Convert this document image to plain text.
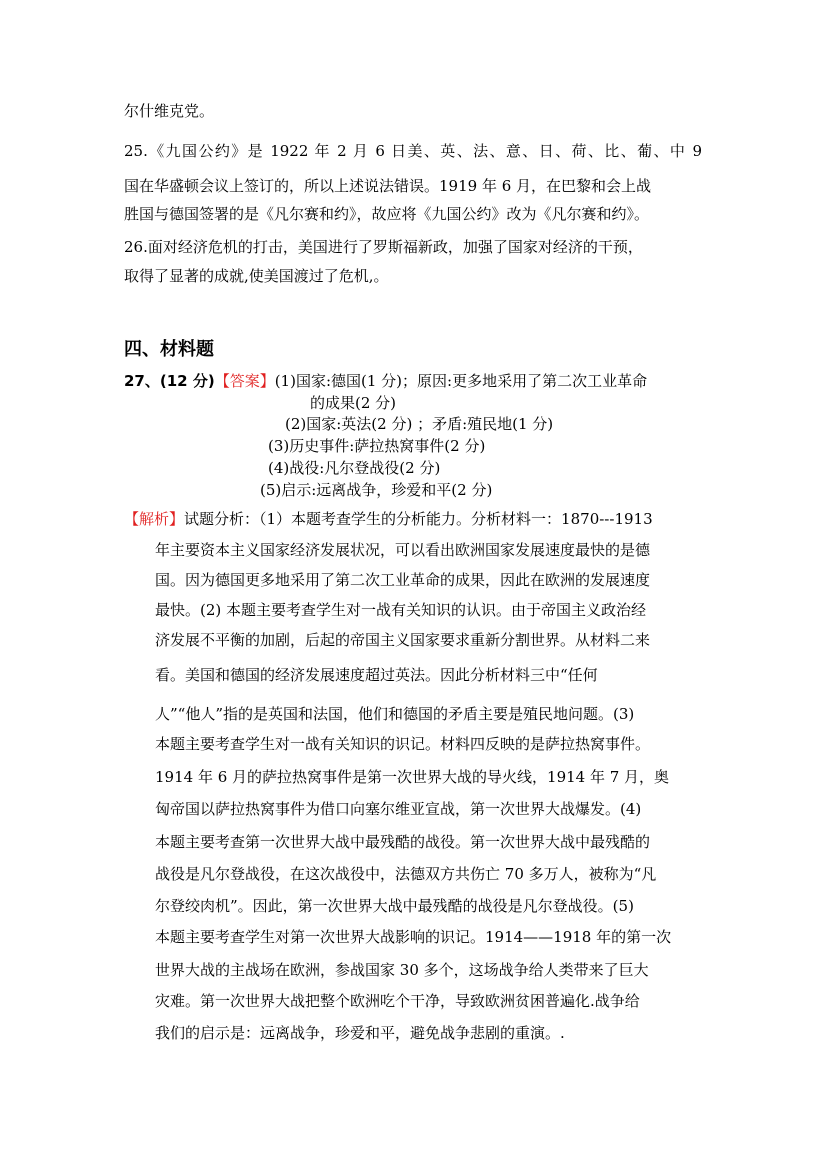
尔什维克党。
25.《九国公约》是 1922 年 2 月 6 日美、英、法、意、日、荷、比、葡、中 9
国在华盛顿会议上签订的，所以上述说法错误。1919 年 6 月，在巴黎和会上战
胜国与德国签署的是《凡尔赛和约》，故应将《九国公约》改为《凡尔赛和约》。
26.面对经济危机的打击，美国进行了罗斯福新政，加强了国家对经济的干预，
取得了显著的成就,使美国渡过了危机,。
四、材料题
27、(12 分)【答案】(1)国家:德国(1 分)；原因:更多地采用了第二次工业革命
的成果(2 分)
(2)国家:英法(2 分) ；矛盾:殖民地(1 分)
(3)历史事件:萨拉热窝事件(2 分)
(4)战役:凡尔登战役(2 分)
(5)启示:远离战争，珍爱和平(2 分)
【解析】试题分析：（1）本题考查学生的分析能力。分析材料一：1870---1913
年主要资本主义国家经济发展状况，可以看出欧洲国家发展速度最快的是德
国。因为德国更多地采用了第二次工业革命的成果，因此在欧洲的发展速度
最快。(2) 本题主要考查学生对一战有关知识的认识。由于帝国主义政治经
济发展不平衡的加剧，后起的帝国主义国家要求重新分割世界。从材料二来
看。美国和德国的经济发展速度超过英法。因此分析材料三中“任何
人”“他人”指的是英国和法国，他们和德国的矛盾主要是殖民地问题。(3)
本题主要考查学生对一战有关知识的识记。材料四反映的是萨拉热窝事件。
1914 年 6 月的萨拉热窝事件是第一次世界大战的导火线，1914 年 7 月，奥
匈帝国以萨拉热窝事件为借口向塞尔维亚宣战，第一次世界大战爆发。(4)
本题主要考查第一次世界大战中最残酷的战役。第一次世界大战中最残酷的
战役是凡尔登战役，在这次战役中，法德双方共伤亡 70 多万人，被称为“凡
尔登绞肉机”。因此，第一次世界大战中最残酷的战役是凡尔登战役。(5)
本题主要考查学生对第一次世界大战影响的识记。1914——1918 年的第一次
世界大战的主战场在欧洲，参战国家 30 多个，这场战争给人类带来了巨大
灾难。第一次世界大战把整个欧洲吃个干净，导致欧洲贫困普遍化.战争给
我们的启示是：远离战争，珍爱和平，避免战争悲剧的重演。.
